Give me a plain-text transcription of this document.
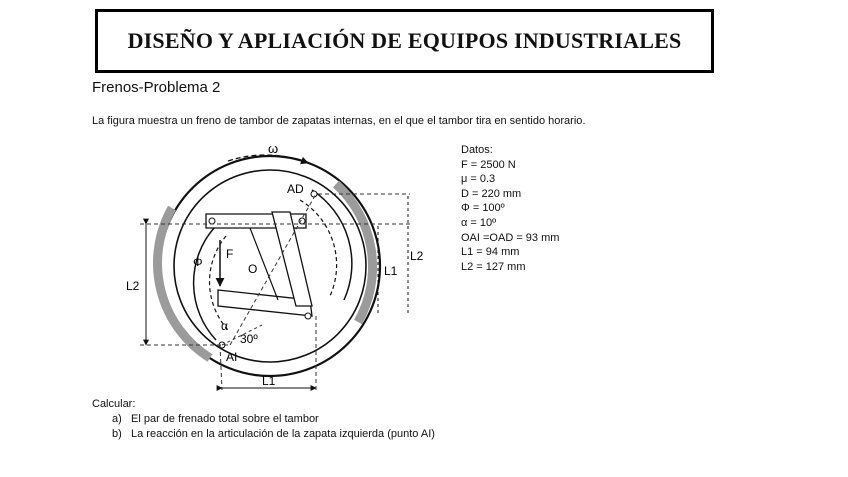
DISEÑO Y APLIACIÓN DE EQUIPOS INDUSTRIALES
Frenos-Problema 2
La figura muestra un freno de tambor de zapatas internas, en el que el tambor tira en sentido horario.
Datos:
F = 2500 N
μ = 0.3
D = 220 mm
Φ = 100º
α = 10º
OAI =OAD = 93 mm
L1 = 94 mm
L2 = 127 mm
ω
AD
F
O
Φ
α
30º
AI
L1
L2
L2
L1
Calcular:
a) El par de frenado total sobre el tambor
b) La reacción en la articulación de la zapata izquierda (punto AI)
